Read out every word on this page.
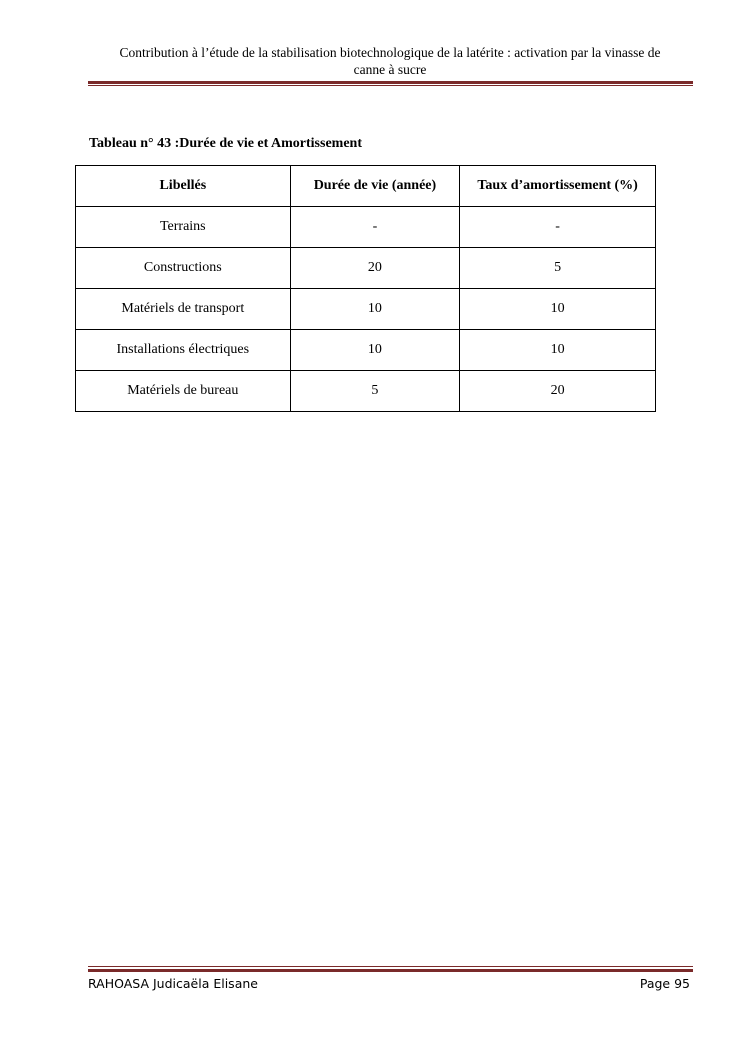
Contribution à l’étude de la stabilisation biotechnologique de la latérite : activation par la vinasse de
canne à sucre
Tableau n° 43 :Durée de vie et Amortissement
Libellés	Durée de vie (année)	Taux d’amortissement (%)
Terrains	-	-
Constructions	20	5
Matériels de transport	10	10
Installations électriques	10	10
Matériels de bureau	5	20
RAHOASA Judicaëla Elisane	Page 95
